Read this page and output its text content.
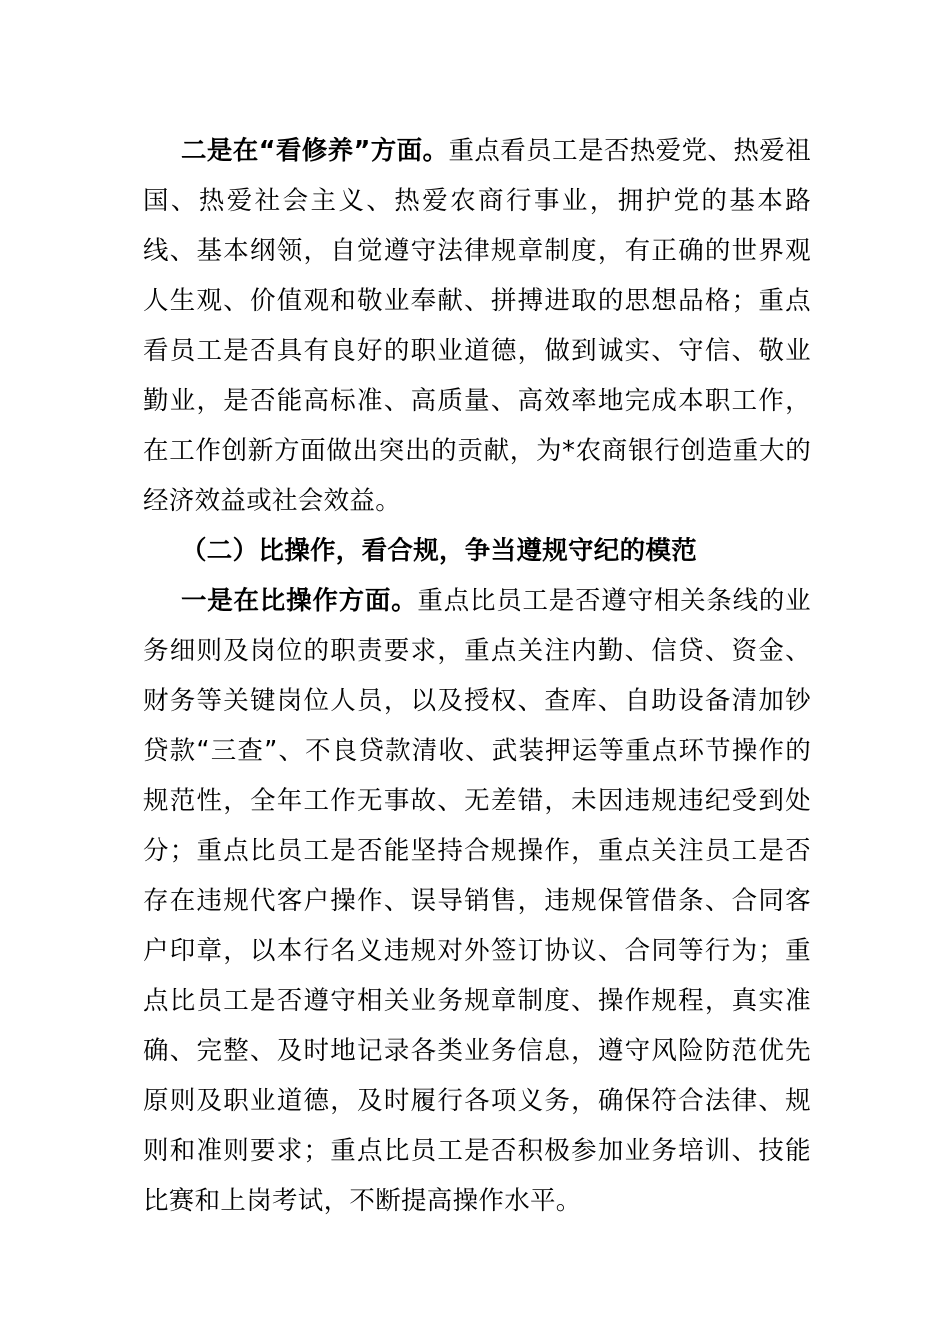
二是在“看修养”方面。重点看员工是否热爱党、热爱祖国、热爱社会主义、热爱农商行事业，拥护党的基本路线、基本纲领，自觉遵守法律规章制度，有正确的世界观人生观、价值观和敬业奉献、拼搏进取的思想品格；重点看员工是否具有良好的职业道德，做到诚实、守信、敬业勤业，是否能高标准、高质量、高效率地完成本职工作，在工作创新方面做出突出的贡献，为*农商银行创造重大的经济效益或社会效益。

（二）比操作，看合规，争当遵规守纪的模范

一是在比操作方面。重点比员工是否遵守相关条线的业务细则及岗位的职责要求，重点关注内勤、信贷、资金、财务等关键岗位人员，以及授权、查库、自助设备清加钞贷款“三查”、不良贷款清收、武装押运等重点环节操作的规范性，全年工作无事故、无差错，未因违规违纪受到处分；重点比员工是否能坚持合规操作，重点关注员工是否存在违规代客户操作、误导销售，违规保管借条、合同客户印章，以本行名义违规对外签订协议、合同等行为；重点比员工是否遵守相关业务规章制度、操作规程，真实准确、完整、及时地记录各类业务信息，遵守风险防范优先原则及职业道德，及时履行各项义务，确保符合法律、规则和准则要求；重点比员工是否积极参加业务培训、技能比赛和上岗考试，不断提高操作水平。
